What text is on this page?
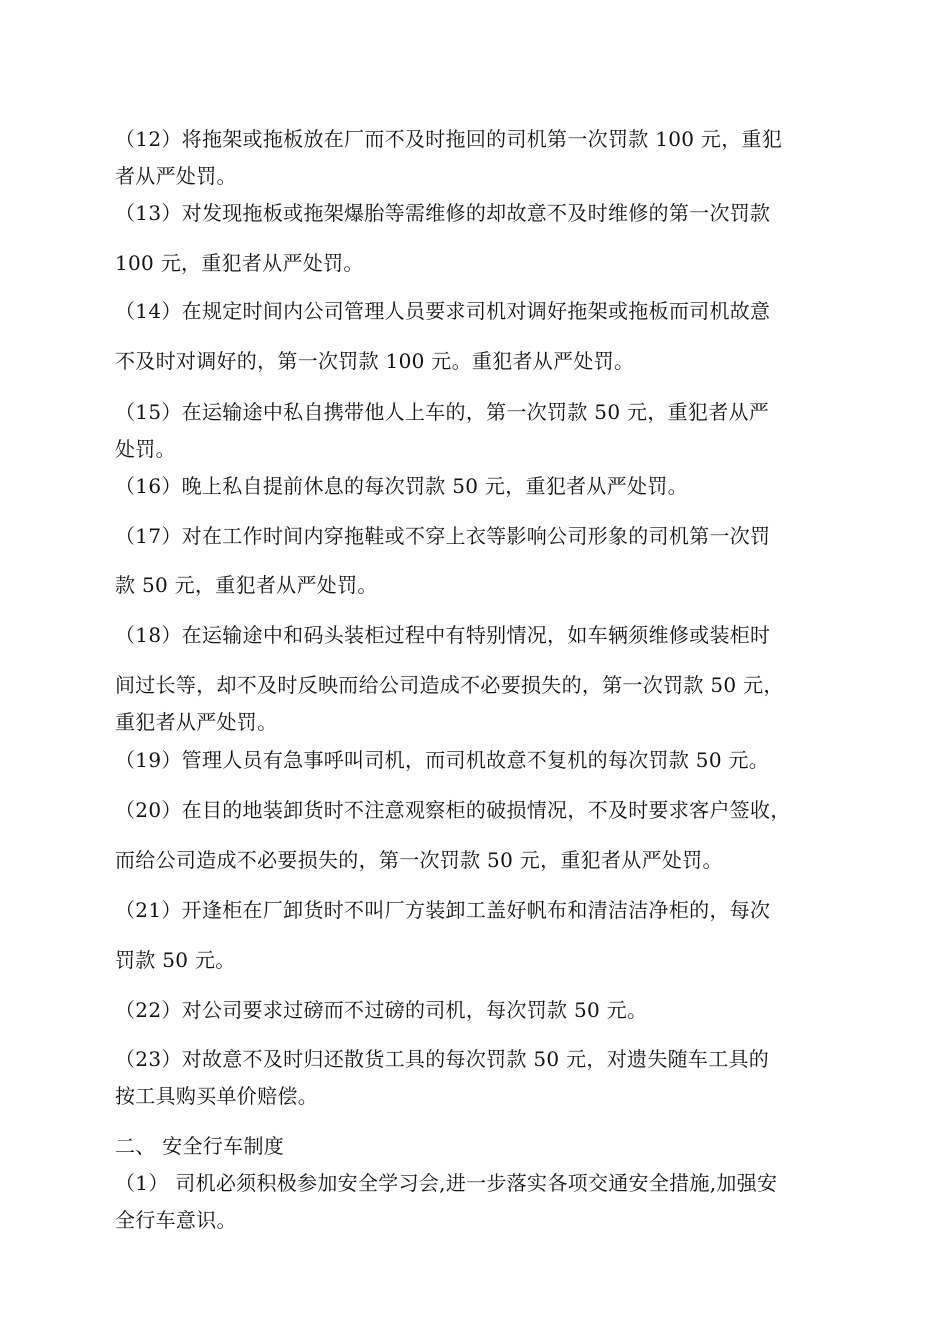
（12）将拖架或拖板放在厂而不及时拖回的司机第一次罚款 100 元，重犯
者从严处罚。
（13）对发现拖板或拖架爆胎等需维修的却故意不及时维修的第一次罚款
100 元，重犯者从严处罚。
（14）在规定时间内公司管理人员要求司机对调好拖架或拖板而司机故意
不及时对调好的，第一次罚款 100 元。重犯者从严处罚。
（15）在运输途中私自携带他人上车的，第一次罚款 50 元，重犯者从严
处罚。
（16）晚上私自提前休息的每次罚款 50 元，重犯者从严处罚。
（17）对在工作时间内穿拖鞋或不穿上衣等影响公司形象的司机第一次罚
款 50 元，重犯者从严处罚。
（18）在运输途中和码头装柜过程中有特别情况，如车辆须维修或装柜时
间过长等，却不及时反映而给公司造成不必要损失的，第一次罚款 50 元，
重犯者从严处罚。
（19）管理人员有急事呼叫司机，而司机故意不复机的每次罚款 50 元。
（20）在目的地装卸货时不注意观察柜的破损情况，不及时要求客户签收，
而给公司造成不必要损失的，第一次罚款 50 元，重犯者从严处罚。
（21）开逢柜在厂卸货时不叫厂方装卸工盖好帆布和清洁洁净柜的，每次
罚款 50 元。
（22）对公司要求过磅而不过磅的司机，每次罚款 50 元。
（23）对故意不及时归还散货工具的每次罚款 50 元，对遗失随车工具的
按工具购买单价赔偿。
二、 安全行车制度
（1） 司机必须积极参加安全学习会,进一步落实各项交通安全措施,加强安
全行车意识。
